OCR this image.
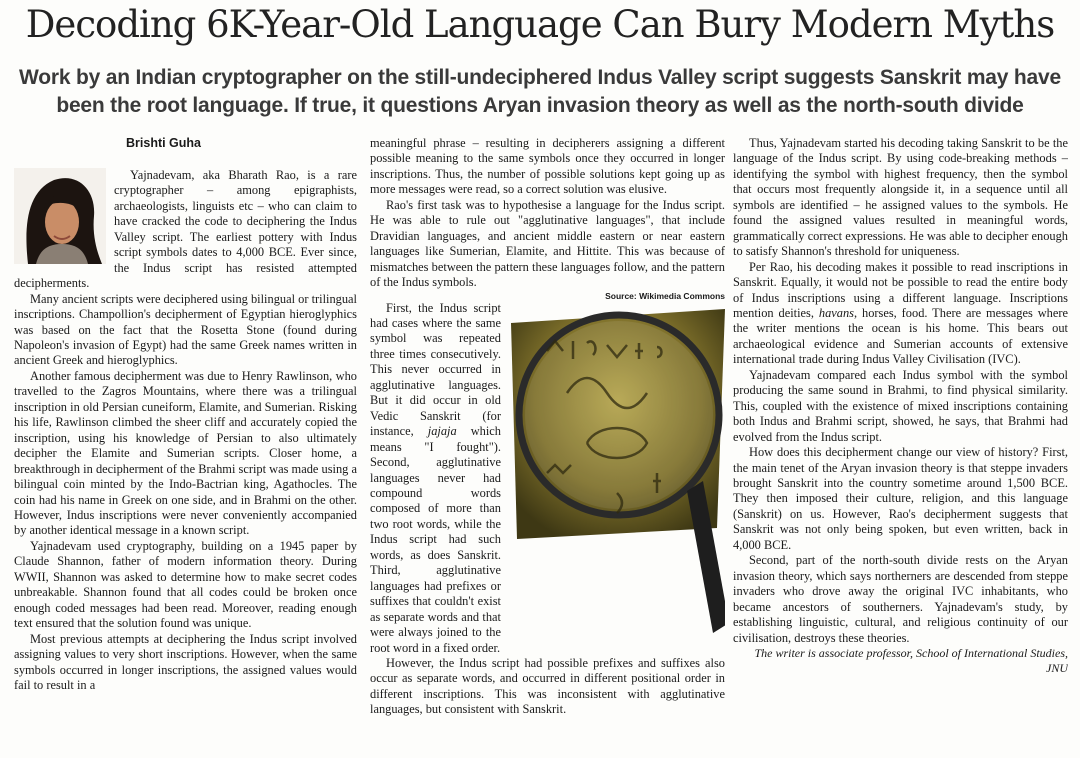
Decoding 6K-Year-Old Language Can Bury Modern Myths
Work by an Indian cryptographer on the still-undeciphered Indus Valley script suggests Sanskrit may have been the root language. If true, it questions Aryan invasion theory as well as the north-south divide
Brishti Guha

Yajnadevam, aka Bharath Rao, is a rare cryptographer – among epigraphists, archaeologists, linguists etc – who can claim to have cracked the code to deciphering the Indus Valley script. The earliest pottery with Indus script symbols dates to 4,000 BCE. Ever since, the Indus script has resisted attempted decipherments.

Many ancient scripts were deciphered using bilingual or trilingual inscriptions. Champollion's decipherment of Egyptian hieroglyphics was based on the fact that the Rosetta Stone (found during Napoleon's invasion of Egypt) had the same Greek names written in ancient Greek and hieroglyphics.

Another famous decipherment was due to Henry Rawlinson, who travelled to the Zagros Mountains, where there was a trilingual inscription in old Persian cuneiform, Elamite, and Sumerian. Risking his life, Rawlinson climbed the sheer cliff and accurately copied the inscription, using his knowledge of Persian to also ultimately decipher the Elamite and Sumerian scripts. Closer home, a breakthrough in decipherment of the Brahmi script was made using a bilingual coin minted by the Indo-Bactrian king, Agathocles. The coin had his name in Greek on one side, and in Brahmi on the other. However, Indus inscriptions were never conveniently accompanied by another identical message in a known script.

Yajnadevam used cryptography, building on a 1945 paper by Claude Shannon, father of modern information theory. During WWII, Shannon was asked to determine how to make secret codes unbreakable. Shannon found that all codes could be broken once enough coded messages had been read. Moreover, reading enough text ensured that the solution found was unique.

Most previous attempts at deciphering the Indus script involved assigning values to very short inscriptions. However, when the same symbols occurred in longer inscriptions, the assigned values would fail to result in a

meaningful phrase – resulting in decipherers assigning a different possible meaning to the same symbols once they occurred in longer inscriptions. Thus, the number of possible solutions kept going up as more messages were read, so a correct solution was elusive.

Rao's first task was to hypothesise a language for the Indus script. He was able to rule out "agglutinative languages", that include Dravidian languages, and ancient middle eastern or near eastern languages like Sumerian, Elamite, and Hittite. This was because of mismatches between the pattern these languages follow, and the pattern of the Indus symbols.

Source: Wikimedia Commons

First, the Indus script had cases where the same symbol was repeated three times consecutively. This never occurred in agglutinative languages. But it did occur in old Vedic Sanskrit (for instance, jajaja which means "I fought"). Second, agglutinative languages never had compound words composed of more than two root words, while the Indus script had such words, as does Sanskrit. Third, agglutinative languages had prefixes or suffixes that couldn't exist as separate words and that were always joined to the root word in a fixed order.

However, the Indus script had possible prefixes and suffixes also occur as separate words, and occurred in different positional order in different inscriptions. This was inconsistent with agglutinative languages, but consistent with Sanskrit.

Thus, Yajnadevam started his decoding taking Sanskrit to be the language of the Indus script. By using code-breaking methods – identifying the symbol with highest frequency, then the symbol that occurs most frequently alongside it, in a sequence until all symbols are identified – he assigned values to the symbols. He found the assigned values resulted in meaningful words, grammatically correct expressions. He was able to decipher enough to satisfy Shannon's threshold for uniqueness.

Per Rao, his decoding makes it possible to read inscriptions in Sanskrit. Equally, it would not be possible to read the entire body of Indus inscriptions using a different language. Inscriptions mention deities, havans, horses, food. There are messages where the writer mentions the ocean is his home. This bears out archaeological evidence and Sumerian accounts of extensive international trade during Indus Valley Civilisation (IVC).

Yajnadevam compared each Indus symbol with the symbol producing the same sound in Brahmi, to find physical similarity. This, coupled with the existence of mixed inscriptions containing both Indus and Brahmi script, showed, he says, that Brahmi had evolved from the Indus script.

How does this decipherment change our view of history? First, the main tenet of the Aryan invasion theory is that steppe invaders brought Sanskrit into the country sometime around 1,500 BCE. They then imposed their culture, religion, and this language (Sanskrit) on us. However, Rao's decipherment suggests that Sanskrit was not only being spoken, but even written, back in 4,000 BCE.

Second, part of the north-south divide rests on the Aryan invasion theory, which says northerners are descended from steppe invaders who drove away the original IVC inhabitants, who became ancestors of southerners. Yajnadevam's study, by establishing linguistic, cultural, and religious continuity of our civilisation, destroys these theories.

The writer is associate professor, School of International Studies, JNU
